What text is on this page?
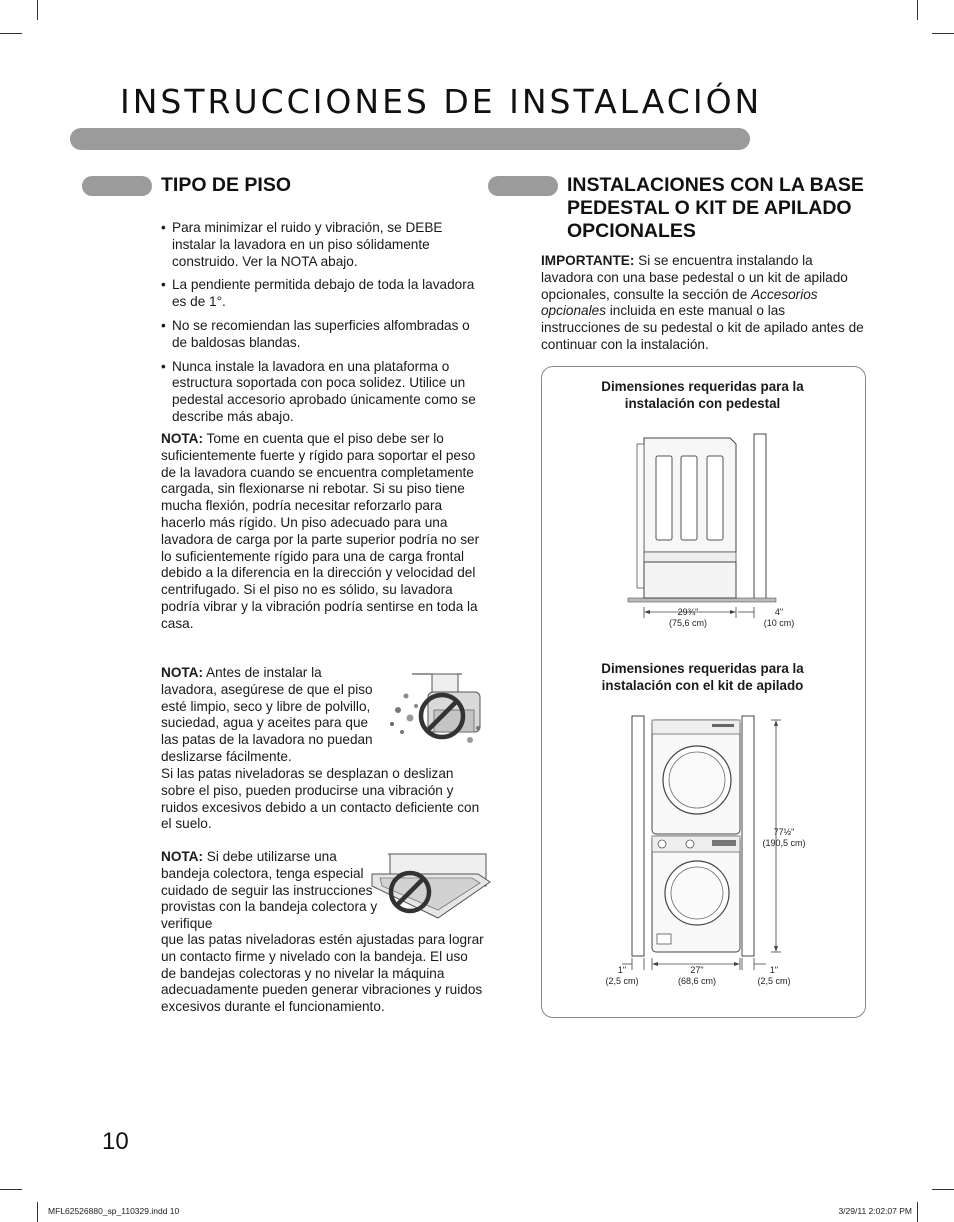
INSTRUCCIONES DE INSTALACIÓN
TIPO DE PISO
• Para minimizar el ruido y vibración, se DEBE instalar la lavadora en un piso sólidamente construido. Ver la NOTA abajo.
• La pendiente permitida debajo de toda la lavadora es de 1°.
• No se recomiendan las superficies alfombradas o de baldosas blandas.
• Nunca instale la lavadora en una plataforma o estructura soportada con poca solidez. Utilice un pedestal accesorio aprobado únicamente como se describe más abajo.
NOTA: Tome en cuenta que el piso debe ser lo suficientemente fuerte y rígido para soportar el peso de la lavadora cuando se encuentra completamente cargada, sin flexionarse ni rebotar. Si su piso tiene mucha flexión, podría necesitar reforzarlo para hacerlo más rígido. Un piso adecuado para una lavadora de carga por la parte superior podría no ser lo suficientemente rígido para una de carga frontal debido a la diferencia en la dirección y velocidad del centrifugado. Si el piso no es sólido, su lavadora podría vibrar y la vibración podría sentirse en toda la casa.
NOTA: Antes de instalar la lavadora, asegúrese de que el piso esté limpio, seco y libre de polvillo, suciedad, agua y aceites para que las patas de la lavadora no puedan deslizarse fácilmente.
Si las patas niveladoras se desplazan o deslizan sobre el piso, pueden producirse una vibración y ruidos excesivos debido a un contacto deficiente con el suelo.
NOTA: Si debe utilizarse una bandeja colectora, tenga especial cuidado de seguir las instrucciones provistas con la bandeja colectora y verifique
que las patas niveladoras estén ajustadas para lograr un contacto firme y nivelado con la bandeja. El uso de bandejas colectoras y no nivelar la máquina adecuadamente pueden generar vibraciones y ruidos excesivos durante el funcionamiento.
INSTALACIONES CON LA BASE
PEDESTAL O KIT DE APILADO
OPCIONALES
IMPORTANTE: Si se encuentra instalando la lavadora con una base pedestal o un kit de apilado opcionales, consulte la sección de Accesorios opcionales incluida en este manual o las instrucciones de su pedestal o kit de apilado antes de continuar con la instalación.
Dimensiones requeridas para la
instalación con pedestal
29¾"
(75,6 cm)
4"
(10 cm)
Dimensiones requeridas para la
instalación con el kit de apilado
77½"
(190,5 cm)
1"
(2,5 cm)
27"
(68,6 cm)
1"
(2,5 cm)
10
MFL62526880_sp_110329.indd 10	3/29/11 2:02:07 PM
